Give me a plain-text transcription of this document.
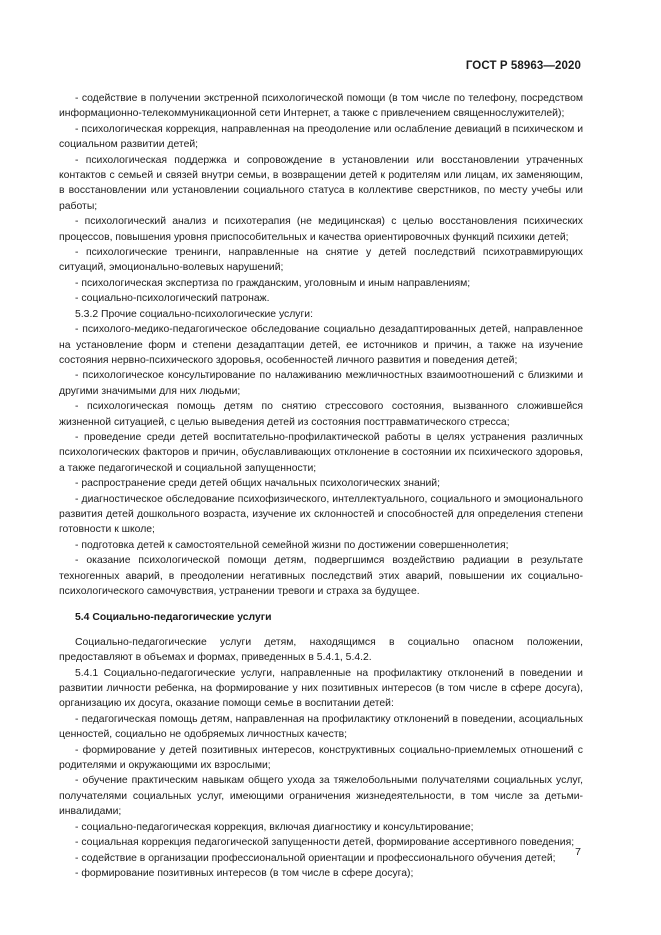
ГОСТ Р 58963—2020

- содействие в получении экстренной психологической помощи (в том числе по телефону, посредством информационно-телекоммуникационной сети Интернет, а также с привлечением священнослужителей);

- психологическая коррекция, направленная на преодоление или ослабление девиаций в психическом и социальном развитии детей;

- психологическая поддержка и сопровождение в установлении или восстановлении утраченных контактов с семьей и связей внутри семьи, в возвращении детей к родителям или лицам, их заменяющим, в восстановлении или установлении социального статуса в коллективе сверстников, по месту учебы или работы;

- психологический анализ и психотерапия (не медицинская) с целью восстановления психических процессов, повышения уровня приспособительных и качества ориентировочных функций психики детей;

- психологические тренинги, направленные на снятие у детей последствий психотравмирующих ситуаций, эмоционально-волевых нарушений;

- психологическая экспертиза по гражданским, уголовным и иным направлениям;

- социально-психологический патронаж.

5.3.2 Прочие социально-психологические услуги:

- психолого-медико-педагогическое обследование социально дезадаптированных детей, направленное на установление форм и степени дезадаптации детей, ее источников и причин, а также на изучение состояния нервно-психического здоровья, особенностей личного развития и поведения детей;

- психологическое консультирование по налаживанию межличностных взаимоотношений с близкими и другими значимыми для них людьми;

- психологическая помощь детям по снятию стрессового состояния, вызванного сложившейся жизненной ситуацией, с целью выведения детей из состояния посттравматического стресса;

- проведение среди детей воспитательно-профилактической работы в целях устранения различных психологических факторов и причин, обуславливающих отклонение в состоянии их психического здоровья, а также педагогической и социальной запущенности;

- распространение среди детей общих начальных психологических знаний;

- диагностическое обследование психофизического, интеллектуального, социального и эмоционального развития детей дошкольного возраста, изучение их склонностей и способностей для определения степени готовности к школе;

- подготовка детей к самостоятельной семейной жизни по достижении совершеннолетия;

- оказание психологической помощи детям, подвергшимся воздействию радиации в результате техногенных аварий, в преодолении негативных последствий этих аварий, повышении их социально-психологического самочувствия, устранении тревоги и страха за будущее.

5.4 Социально-педагогические услуги

Социально-педагогические услуги детям, находящимся в социально опасном положении, предоставляют в объемах и формах, приведенных в 5.4.1, 5.4.2.

5.4.1 Социально-педагогические услуги, направленные на профилактику отклонений в поведении и развитии личности ребенка, на формирование у них позитивных интересов (в том числе в сфере досуга), организацию их досуга, оказание помощи семье в воспитании детей:

- педагогическая помощь детям, направленная на профилактику отклонений в поведении, асоциальных ценностей, социально не одобряемых личностных качеств;

- формирование у детей позитивных интересов, конструктивных социально-приемлемых отношений с родителями и окружающими их взрослыми;

- обучение практическим навыкам общего ухода за тяжелобольными получателями социальных услуг, получателями социальных услуг, имеющими ограничения жизнедеятельности, в том числе за детьми-инвалидами;

- социально-педагогическая коррекция, включая диагностику и консультирование;

- социальная коррекция педагогической запущенности детей, формирование ассертивного поведения;

- содействие в организации профессиональной ориентации и профессионального обучения детей;

- формирование позитивных интересов (в том числе в сфере досуга);

7
